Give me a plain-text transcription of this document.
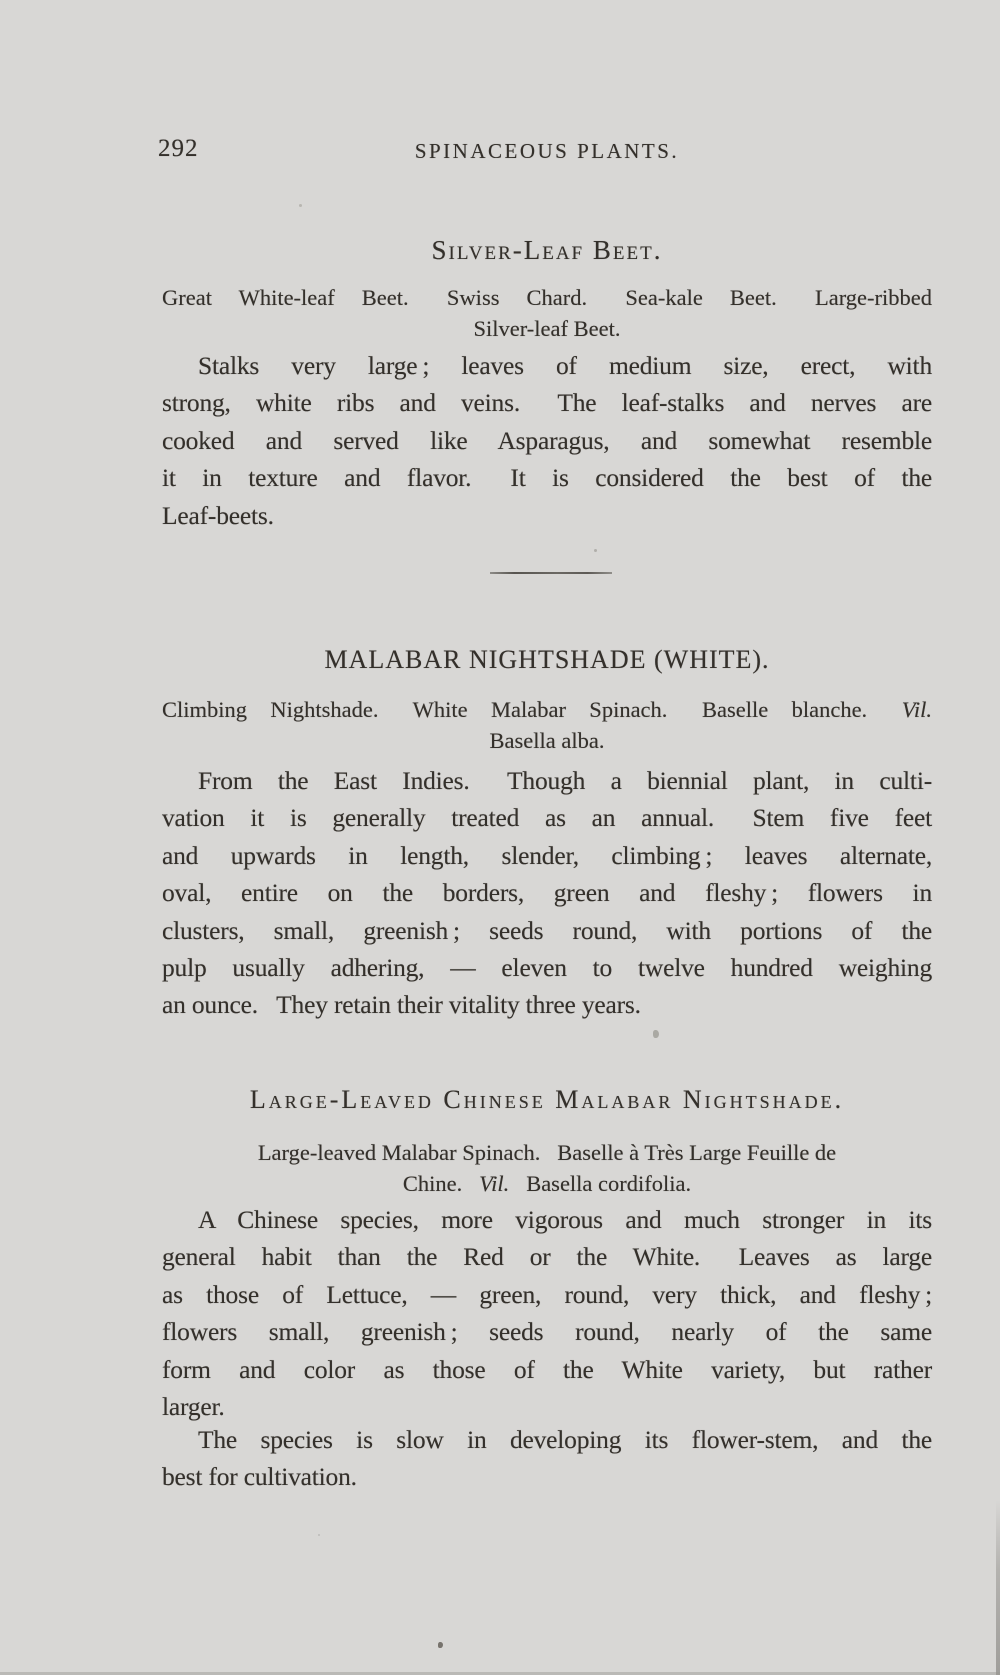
292	SPINACEOUS PLANTS.
Silver-Leaf Beet.
Great White-leaf Beet.  Swiss Chard.  Sea-kale Beet.  Large-ribbed
Silver-leaf Beet.
Stalks very large ; leaves of medium size, erect, with
strong, white ribs and veins.  The leaf-stalks and nerves are
cooked and served like Asparagus, and somewhat resemble
it in texture and flavor.  It is considered the best of the
Leaf-beets.
MALABAR NIGHTSHADE (WHITE).
Climbing Nightshade.  White Malabar Spinach.  Baselle blanche.  Vil.
Basella alba.
From the East Indies.  Though a biennial plant, in culti-
vation it is generally treated as an annual.  Stem five feet
and upwards in length, slender, climbing ; leaves alternate,
oval, entire on the borders, green and fleshy ; flowers in
clusters, small, greenish ; seeds round, with portions of the
pulp usually adhering, — eleven to twelve hundred weighing
an ounce.  They retain their vitality three years.
Large-Leaved Chinese Malabar Nightshade.
Large-leaved Malabar Spinach.  Baselle à Très Large Feuille de
Chine.  Vil.  Basella cordifolia.
A Chinese species, more vigorous and much stronger in its
general habit than the Red or the White.  Leaves as large
as those of Lettuce, — green, round, very thick, and fleshy ;
flowers small, greenish ; seeds round, nearly of the same
form and color as those of the White variety, but rather
larger.
The species is slow in developing its flower-stem, and the
best for cultivation.
